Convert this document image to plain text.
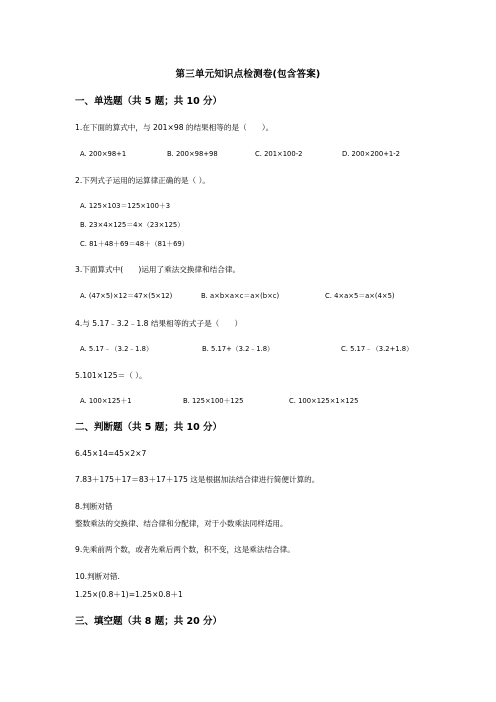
第三单元知识点检测卷(包含答案)
一、单选题（共 5 题；共 10 分）
1.在下面的算式中，与 201×98 的结果相等的是（　　）。
A. 200×98+1	B. 200×98+98	C. 201×100-2	D. 200×200+1-2
2.下列式子运用的运算律正确的是（ ）。
A. 125×103＝125×100＋3
B. 23×4×125＝4×（23×125）
C. 81＋48＋69＝48＋（81＋69）
3.下面算式中(　　)运用了乘法交换律和结合律。
A. (47×5)×12＝47×(5×12)	B. a×b×a×c＝a×(b×c)	C. 4×a×5＝a×(4×5)
4.与 5.17﹣3.2﹣1.8 结果相等的式子是（　　）
A. 5.17﹣（3.2﹣1.8）	B. 5.17+（3.2﹣1.8）	C. 5.17﹣（3.2+1.8）
5.101×125＝（ ）。
A. 100×125＋1	B. 125×100＋125	C. 100×125×1×125
二、判断题（共 5 题；共 10 分）
6.45×14=45×2×7
7.83＋175＋17＝83＋17＋175 这是根据加法结合律进行简便计算的。
8.判断对错
整数乘法的交换律、结合律和分配律，对于小数乘法同样适用。
9.先乘前两个数，或者先乘后两个数，积不变，这是乘法结合律。
10.判断对错.
1.25×(0.8＋1)=1.25×0.8＋1
三、填空题（共 8 题；共 20 分）
